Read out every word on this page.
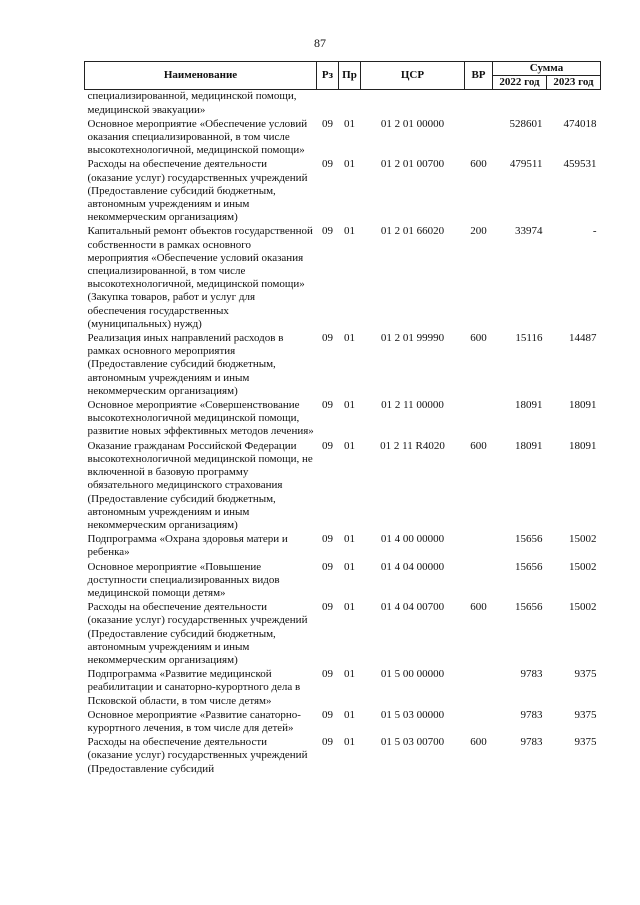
87
Наименование	Рз	Пр	ЦСР	ВР	Сумма	
					2022 год	2023 год
специализированной, медицинской помощи, медицинской эвакуации»						
Основное мероприятие «Обеспечение условий оказания специализированной, в том числе высокотехнологичной, медицинской помощи»	09	01	01 2 01 00000		528601	474018
Расходы на обеспечение деятельности (оказание услуг) государственных учреждений (Предоставление субсидий бюджетным, автономным учреждениям и иным некоммерческим организациям)	09	01	01 2 01 00700	600	479511	459531
Капитальный ремонт объектов государственной собственности в рамках основного мероприятия «Обеспечение условий оказания специализированной, в том числе высокотехнологичной, медицинской помощи» (Закупка товаров, работ и услуг для обеспечения государственных (муниципальных) нужд)	09	01	01 2 01 66020	200	33974	-
Реализация иных направлений расходов в рамках основного мероприятия (Предоставление субсидий бюджетным, автономным учреждениям и иным некоммерческим организациям)	09	01	01 2 01 99990	600	15116	14487
Основное мероприятие «Совершенствование высокотехнологичной медицинской помощи, развитие новых эффективных методов лечения»	09	01	01 2 11 00000		18091	18091
Оказание гражданам Российской Федерации высокотехнологичной медицинской помощи, не включенной в базовую программу обязательного медицинского страхования (Предоставление субсидий бюджетным, автономным учреждениям и иным некоммерческим организациям)	09	01	01 2 11 R4020	600	18091	18091
Подпрограмма «Охрана здоровья матери и ребенка»	09	01	01 4 00 00000		15656	15002
Основное мероприятие «Повышение доступности специализированных видов медицинской помощи детям»	09	01	01 4 04 00000		15656	15002
Расходы на обеспечение деятельности (оказание услуг) государственных учреждений (Предоставление субсидий бюджетным, автономным учреждениям и иным некоммерческим организациям)	09	01	01 4 04 00700	600	15656	15002
Подпрограмма «Развитие медицинской реабилитации и санаторно-курортного дела в Псковской области, в том числе детям»	09	01	01 5 00 00000		9783	9375
Основное мероприятие «Развитие санаторно-курортного лечения, в том числе для детей»	09	01	01 5 03 00000		9783	9375
Расходы на обеспечение деятельности (оказание услуг) государственных учреждений (Предоставление субсидий	09	01	01 5 03 00700	600	9783	9375
